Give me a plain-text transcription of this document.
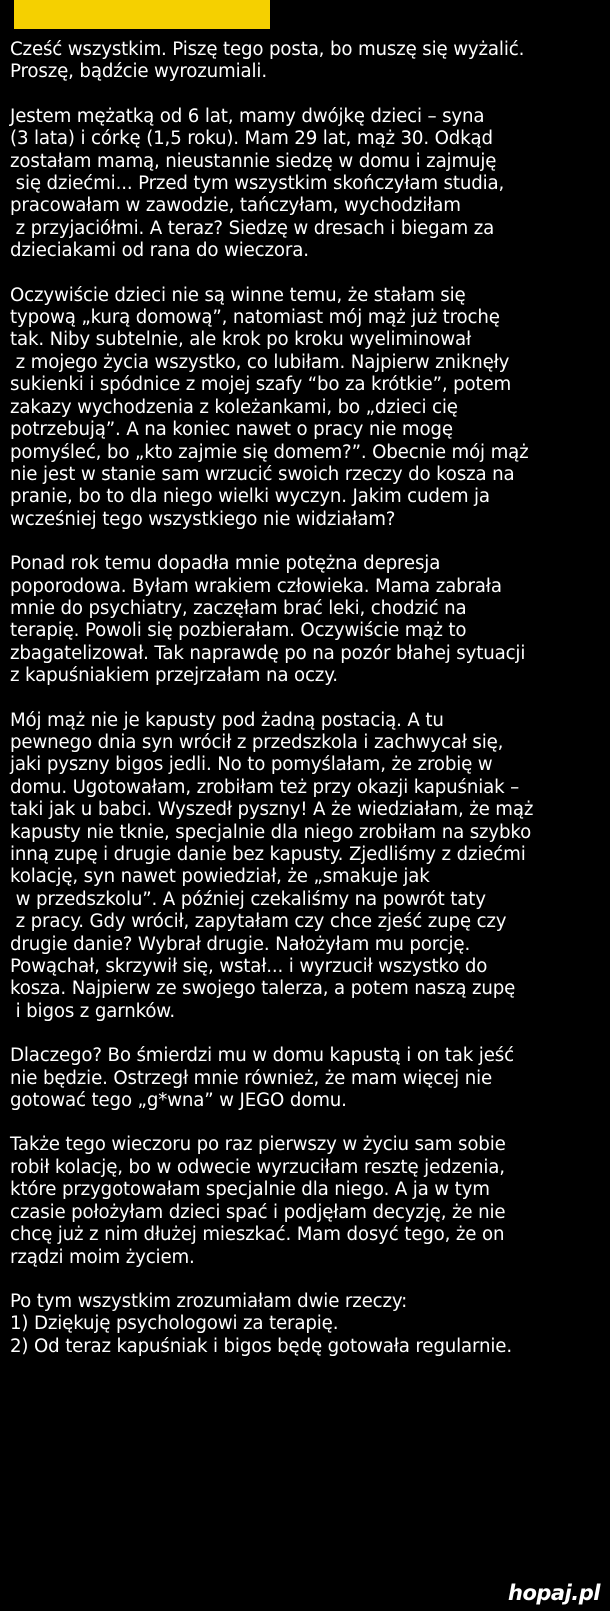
Cześć wszystkim. Piszę tego posta, bo muszę się wyżalić.
Proszę, bądźcie wyrozumiali.
Jestem mężatką od 6 lat, mamy dwójkę dzieci – syna
(3 lata) i córkę (1,5 roku). Mam 29 lat, mąż 30. Odkąd
zostałam mamą, nieustannie siedzę w domu i zajmuję
się dziećmi... Przed tym wszystkim skończyłam studia,
pracowałam w zawodzie, tańczyłam, wychodziłam
z przyjaciółmi. A teraz? Siedzę w dresach i biegam za
dzieciakami od rana do wieczora.
Oczywiście dzieci nie są winne temu, że stałam się
typową „kurą domową”, natomiast mój mąż już trochę
tak. Niby subtelnie, ale krok po kroku wyeliminował
z mojego życia wszystko, co lubiłam. Najpierw zniknęły
sukienki i spódnice z mojej szafy “bo za krótkie”, potem
zakazy wychodzenia z koleżankami, bo „dzieci cię
potrzebują”. A na koniec nawet o pracy nie mogę
pomyśleć, bo „kto zajmie się domem?”. Obecnie mój mąż
nie jest w stanie sam wrzucić swoich rzeczy do kosza na
pranie, bo to dla niego wielki wyczyn. Jakim cudem ja
wcześniej tego wszystkiego nie widziałam?
Ponad rok temu dopadła mnie potężna depresja
poporodowa. Byłam wrakiem człowieka. Mama zabrała
mnie do psychiatry, zaczęłam brać leki, chodzić na
terapię. Powoli się pozbierałam. Oczywiście mąż to
zbagatelizował. Tak naprawdę po na pozór błahej sytuacji
z kapuśniakiem przejrzałam na oczy.
Mój mąż nie je kapusty pod żadną postacią. A tu
pewnego dnia syn wrócił z przedszkola i zachwycał się,
jaki pyszny bigos jedli. No to pomyślałam, że zrobię w
domu. Ugotowałam, zrobiłam też przy okazji kapuśniak –
taki jak u babci. Wyszedł pyszny! A że wiedziałam, że mąż
kapusty nie tknie, specjalnie dla niego zrobiłam na szybko
inną zupę i drugie danie bez kapusty. Zjedliśmy z dziećmi
kolację, syn nawet powiedział, że „smakuje jak
w przedszkolu”. A później czekaliśmy na powrót taty
z pracy. Gdy wrócił, zapytałam czy chce zjeść zupę czy
drugie danie? Wybrał drugie. Nałożyłam mu porcję.
Powąchał, skrzywił się, wstał... i wyrzucił wszystko do
kosza. Najpierw ze swojego talerza, a potem naszą zupę
i bigos z garnków.
Dlaczego? Bo śmierdzi mu w domu kapustą i on tak jeść
nie będzie. Ostrzegł mnie również, że mam więcej nie
gotować tego „g*wna” w JEGO domu.
Także tego wieczoru po raz pierwszy w życiu sam sobie
robił kolację, bo w odwecie wyrzuciłam resztę jedzenia,
które przygotowałam specjalnie dla niego. A ja w tym
czasie położyłam dzieci spać i podjęłam decyzję, że nie
chcę już z nim dłużej mieszkać. Mam dosyć tego, że on
rządzi moim życiem.
Po tym wszystkim zrozumiałam dwie rzeczy:
1) Dziękuję psychologowi za terapię.
2) Od teraz kapuśniak i bigos będę gotowała regularnie.
hopaj.pl
